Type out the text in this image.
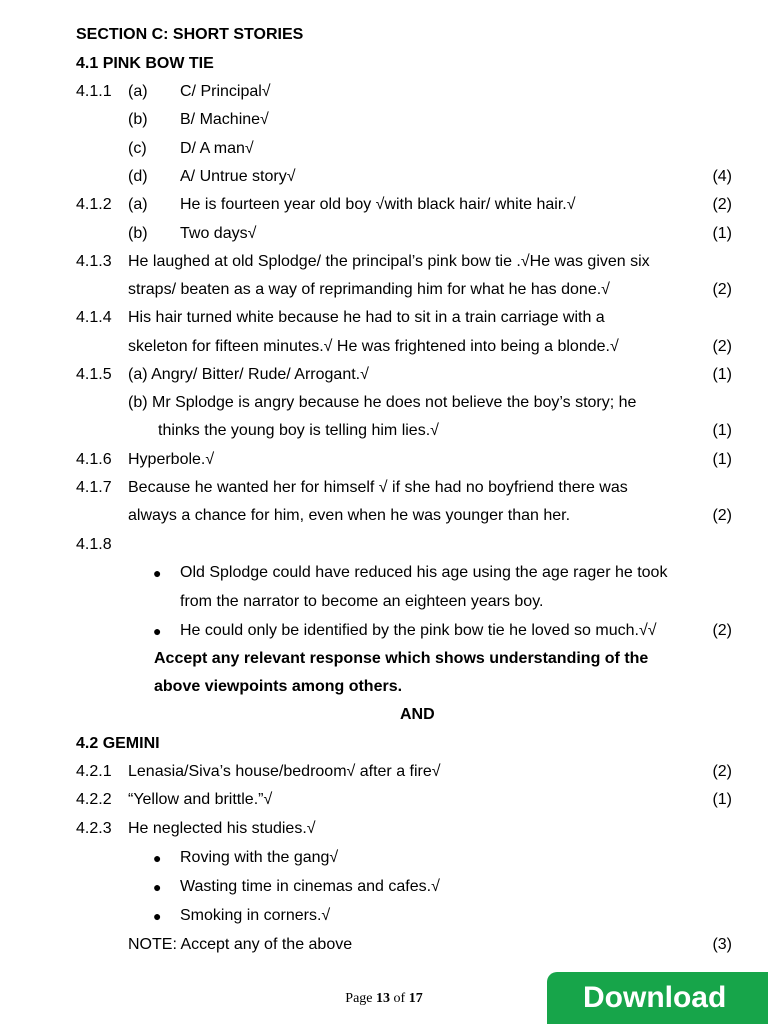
SECTION C: SHORT STORIES
4.1 PINK BOW TIE
4.1.1 (a) C/ Principal√
(b) B/ Machine√
(c) D/ A man√
(d) A/ Untrue story√	(4)
4.1.2 (a) He is fourteen year old boy √with black hair/ white hair.√	(2)
(b) Two days√	(1)
4.1.3 He laughed at old Splodge/ the principal’s pink bow tie .√He was given six
straps/ beaten as a way of reprimanding him for what he has done.√	(2)
4.1.4 His hair turned white because he had to sit in a train carriage with a
skeleton for fifteen minutes.√ He was frightened into being a blonde.√	(2)
4.1.5 (a) Angry/ Bitter/ Rude/ Arrogant.√	(1)
(b) Mr Splodge is angry because he does not believe the boy’s story; he
thinks the young boy is telling him lies.√	(1)
4.1.6 Hyperbole.√	(1)
4.1.7 Because he wanted her for himself √ if she had no boyfriend there was
always a chance for him, even when he was younger than her.	(2)
4.1.8
● Old Splodge could have reduced his age using the age rager he took
from the narrator to become an eighteen years boy.
● He could only be identified by the pink bow tie he loved so much.√√	(2)
Accept any relevant response which shows understanding of the
above viewpoints among others.
AND
4.2 GEMINI
4.2.1 Lenasia/Siva’s house/bedroom√ after a fire√	(2)
4.2.2 “Yellow and brittle.”√	(1)
4.2.3 He neglected his studies.√
● Roving with the gang√
● Wasting time in cinemas and cafes.√
● Smoking in corners.√
NOTE: Accept any of the above	(3)
Page 13 of 17	Download
